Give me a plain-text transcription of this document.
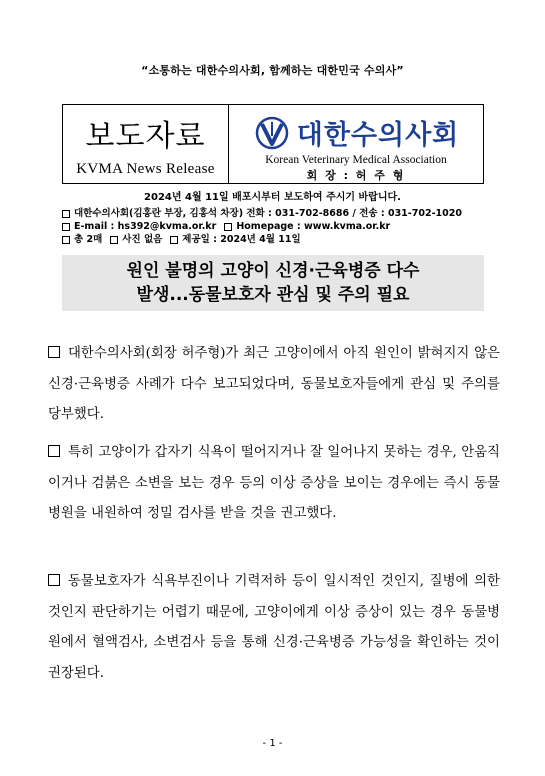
“소통하는 대한수의사회, 함께하는 대한민국 수의사”
보도자료
KVMA News Release
대한수의사회
Korean Veterinary Medical Association
회 장 : 허 주 형
2024년 4월 11일 배포시부터 보도하여 주시기 바랍니다.
대한수의사회(김홍란 부장, 김홍석 차장) 전화 : 031-702-8686 / 전송 : 031-702-1020
E-mail : hs392@kvma.or.kr Homepage : www.kvma.or.kr
총 2매 사진 없음 제공일 : 2024년 4월 11일
원인 불명의 고양이 신경·근육병증 다수
발생...동물보호자 관심 및 주의 필요
대한수의사회(회장 허주형)가 최근 고양이에서 아직 원인이 밝혀지지 않은 신경·근육병증 사례가 다수 보고되었다며, 동물보호자들에게 관심 및 주의를 당부했다.
특히 고양이가 갑자기 식욕이 떨어지거나 잘 일어나지 못하는 경우, 안움직이거나 검붉은 소변을 보는 경우 등의 이상 증상을 보이는 경우에는 즉시 동물병원을 내원하여 정밀 검사를 받을 것을 권고했다.
동물보호자가 식욕부진이나 기력저하 등이 일시적인 것인지, 질병에 의한 것인지 판단하기는 어렵기 때문에, 고양이에게 이상 증상이 있는 경우 동물병원에서 혈액검사, 소변검사 등을 통해 신경·근육병증 가능성을 확인하는 것이 권장된다.
- 1 -
